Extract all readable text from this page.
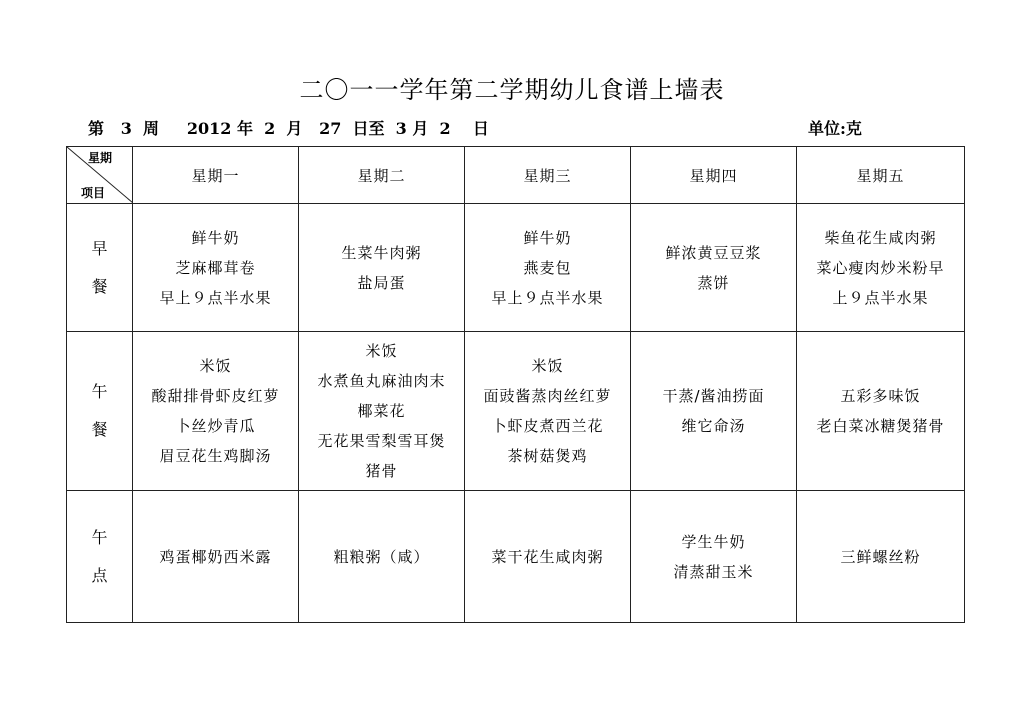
二〇一一学年第二学期幼儿食谱上墙表
第   3  周     2012 年  2  月   27  日至  3 月  2    日	单位:克
星期
项目	星期一	星期二	星期三	星期四	星期五

早
餐	鲜牛奶
芝麻椰茸卷
早上９点半水果	生菜牛肉粥
盐局蛋	鲜牛奶
燕麦包
早上９点半水果	鲜浓黄豆豆浆
蒸饼	柴鱼花生咸肉粥
菜心瘦肉炒米粉早
上９点半水果

午
餐	米饭
酸甜排骨虾皮红萝
卜丝炒青瓜
眉豆花生鸡脚汤	米饭
水煮鱼丸麻油肉末
椰菜花
无花果雪梨雪耳煲
猪骨	米饭
面豉酱蒸肉丝红萝
卜虾皮煮西兰花
茶树菇煲鸡	干蒸/酱油捞面
维它命汤	五彩多味饭
老白菜冰糖煲猪骨

午
点	鸡蛋椰奶西米露	粗粮粥（咸）	菜干花生咸肉粥	学生牛奶
清蒸甜玉米	三鲜螺丝粉
